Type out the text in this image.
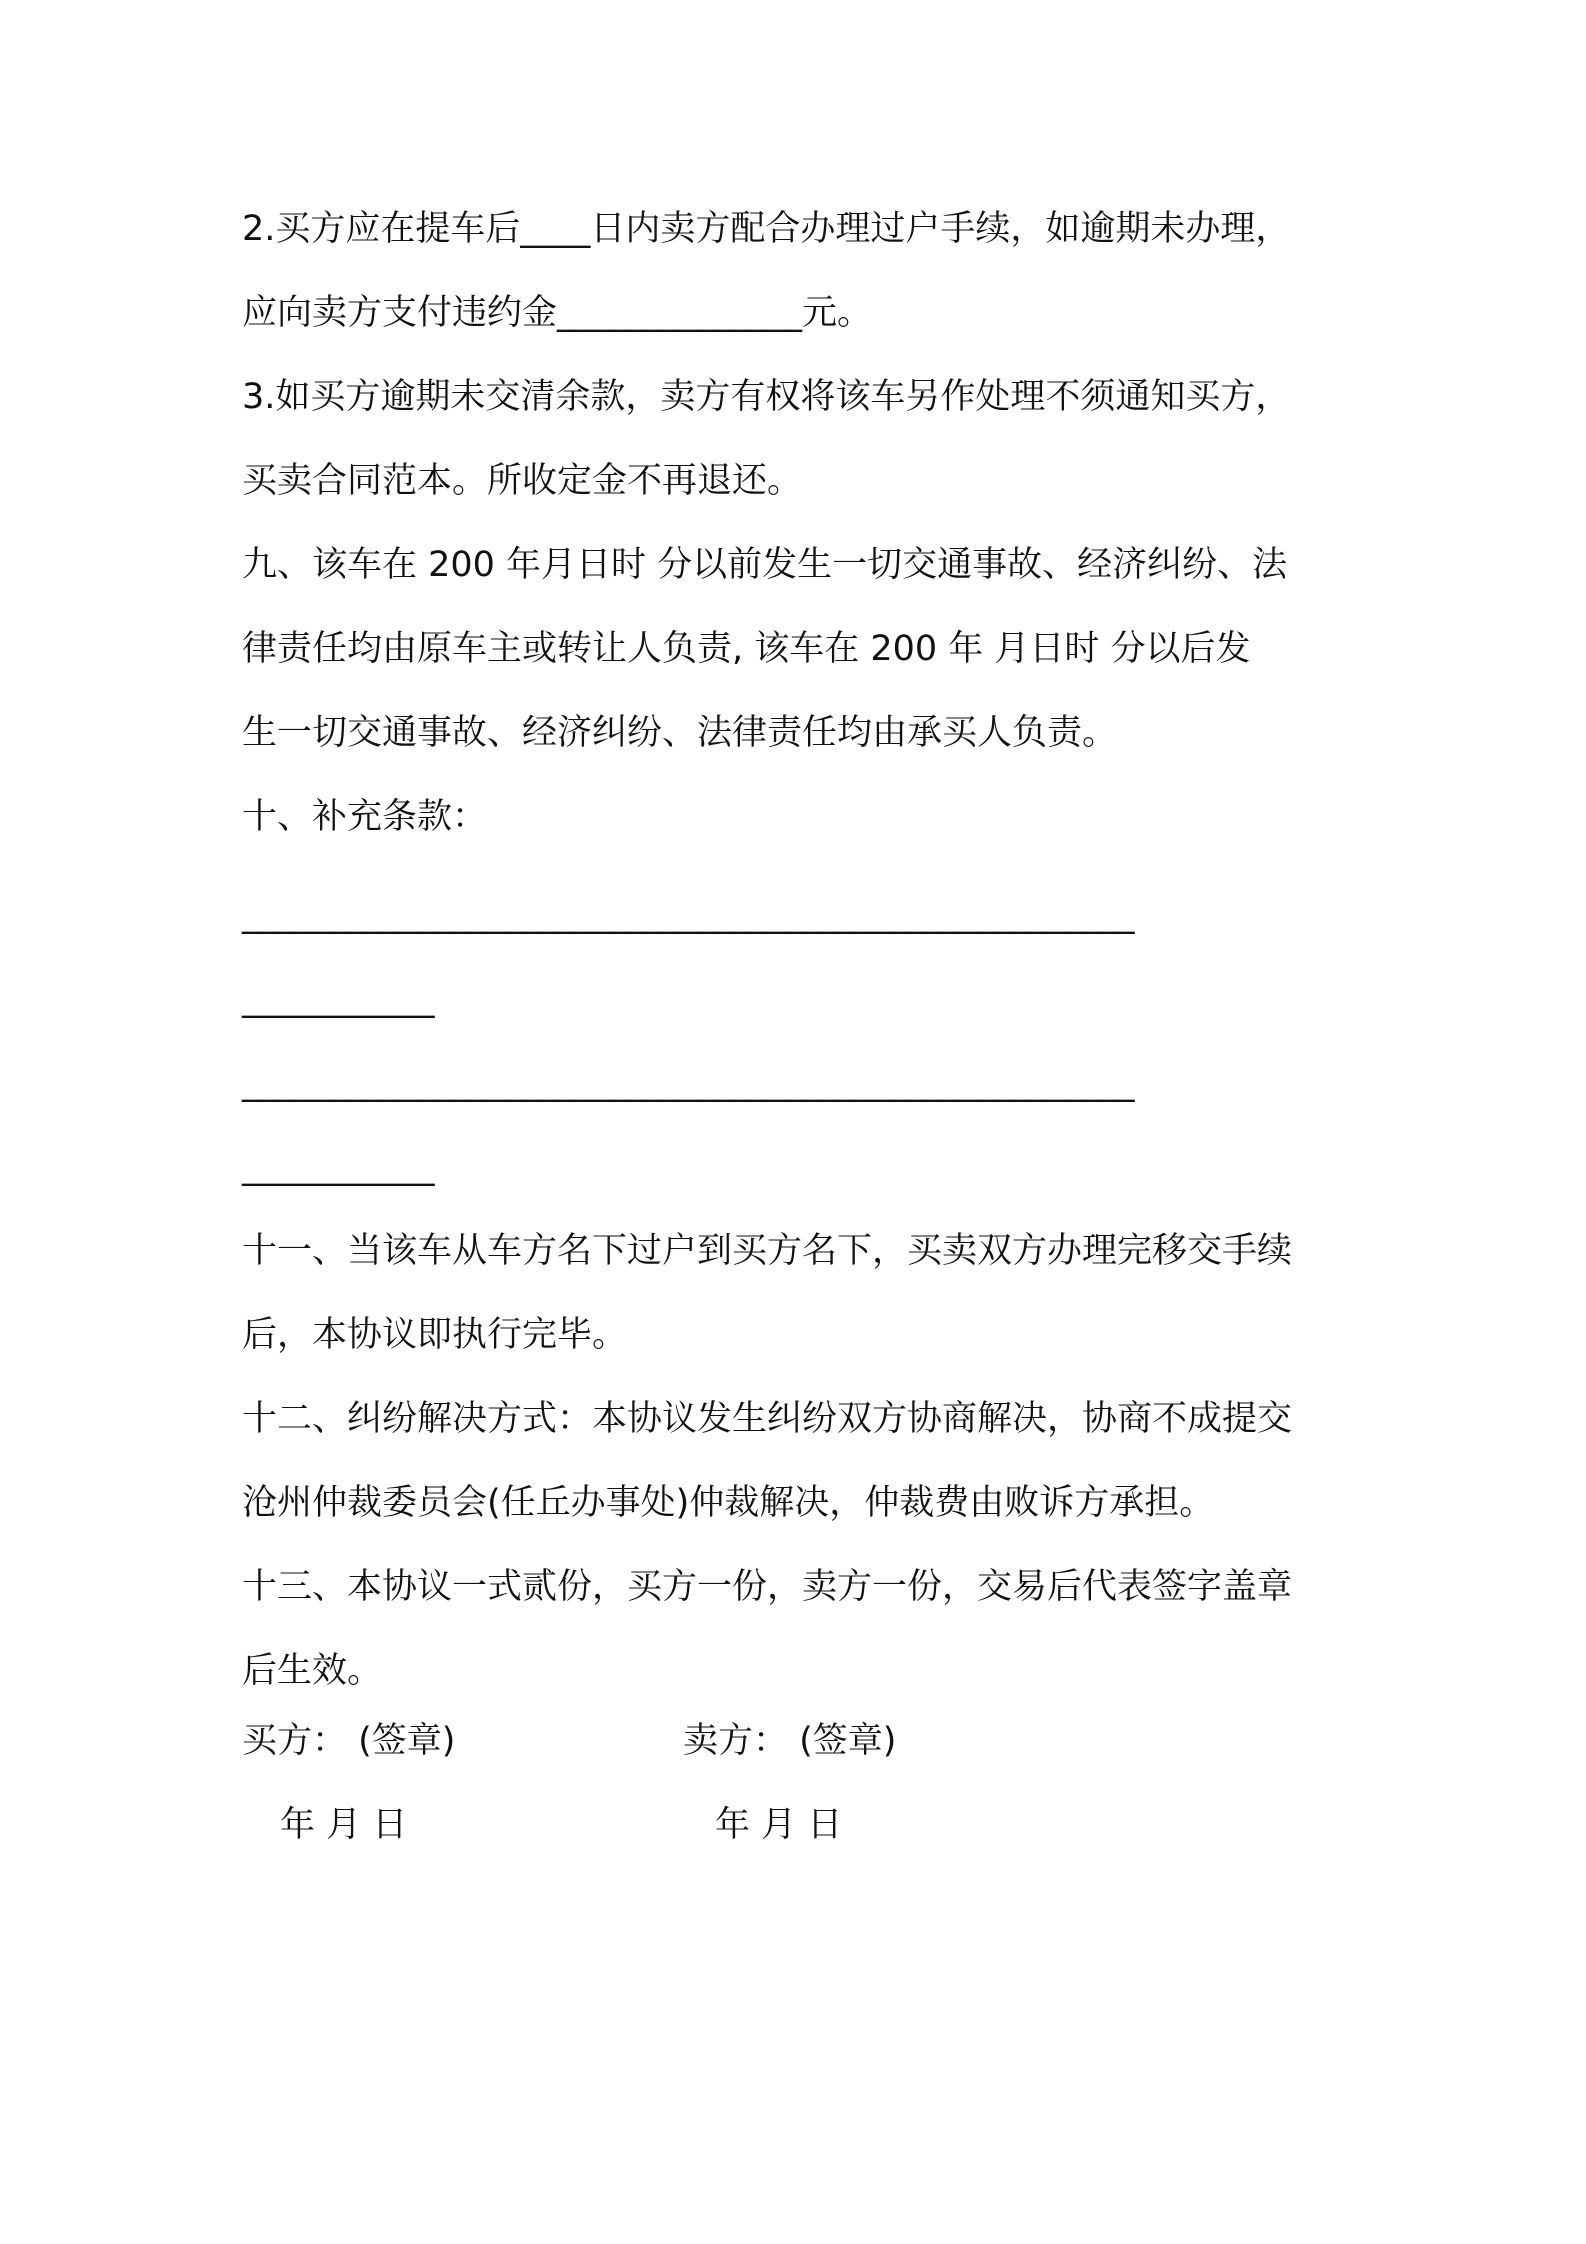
2.买方应在提车后____日内卖方配合办理过户手续，如逾期未办理，

应向卖方支付违约金______________元。

3.如买方逾期未交清余款，卖方有权将该车另作处理不须通知买方，

买卖合同范本。所收定金不再退还。

九、该车在 200 年月日时 分以前发生一切交通事故、经济纠纷、法

律责任均由原车主或转让人负责, 该车在 200 年 月日时 分以后发

生一切交通事故、经济纠纷、法律责任均由承买人负责。

十、补充条款：

___________________________________________________

___________

___________________________________________________

___________

十一、当该车从车方名下过户到买方名下，买卖双方办理完移交手续

后，本协议即执行完毕。

十二、纠纷解决方式：本协议发生纠纷双方协商解决，协商不成提交

沧州仲裁委员会(任丘办事处)仲裁解决，仲裁费由败诉方承担。

十三、本协议一式贰份，买方一份，卖方一份，交易后代表签字盖章

后生效。

买方： (签章)	卖方： (签章)

年 月 日	年 月 日
